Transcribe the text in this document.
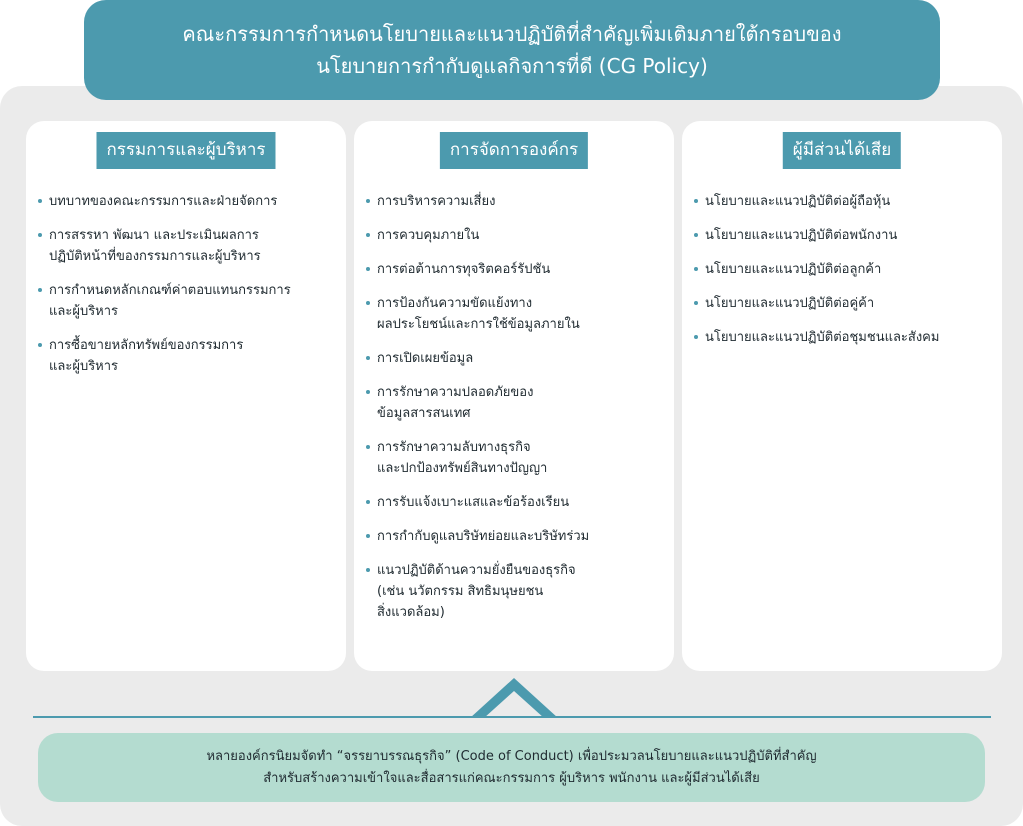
คณะกรรมการกำหนดนโยบายและแนวปฏิบัติที่สำคัญเพิ่มเติมภายใต้กรอบของ
นโยบายการกำกับดูแลกิจการที่ดี (CG Policy)
กรรมการและผู้บริหาร
บทบาทของคณะกรรมการและฝ่ายจัดการ
การสรรหา พัฒนา และประเมินผลการ
ปฏิบัติหน้าที่ของกรรมการและผู้บริหาร
การกำหนดหลักเกณฑ์ค่าตอบแทนกรรมการ
และผู้บริหาร
การซื้อขายหลักทรัพย์ของกรรมการ
และผู้บริหาร
การจัดการองค์กร
การบริหารความเสี่ยง
การควบคุมภายใน
การต่อต้านการทุจริตคอร์รัปชัน
การป้องกันความขัดแย้งทาง
ผลประโยชน์และการใช้ข้อมูลภายใน
การเปิดเผยข้อมูล
การรักษาความปลอดภัยของ
ข้อมูลสารสนเทศ
การรักษาความลับทางธุรกิจ
และปกป้องทรัพย์สินทางปัญญา
การรับแจ้งเบาะแสและข้อร้องเรียน
การกำกับดูแลบริษัทย่อยและบริษัทร่วม
แนวปฏิบัติด้านความยั่งยืนของธุรกิจ
(เช่น นวัตกรรม สิทธิมนุษยชน
สิ่งแวดล้อม)
ผู้มีส่วนได้เสีย
นโยบายและแนวปฏิบัติต่อผู้ถือหุ้น
นโยบายและแนวปฏิบัติต่อพนักงาน
นโยบายและแนวปฏิบัติต่อลูกค้า
นโยบายและแนวปฏิบัติต่อคู่ค้า
นโยบายและแนวปฏิบัติต่อชุมชนและสังคม
หลายองค์กรนิยมจัดทำ “จรรยาบรรณธุรกิจ” (Code of Conduct) เพื่อประมวลนโยบายและแนวปฏิบัติที่สำคัญ
สำหรับสร้างความเข้าใจและสื่อสารแก่คณะกรรมการ ผู้บริหาร พนักงาน และผู้มีส่วนได้เสีย
